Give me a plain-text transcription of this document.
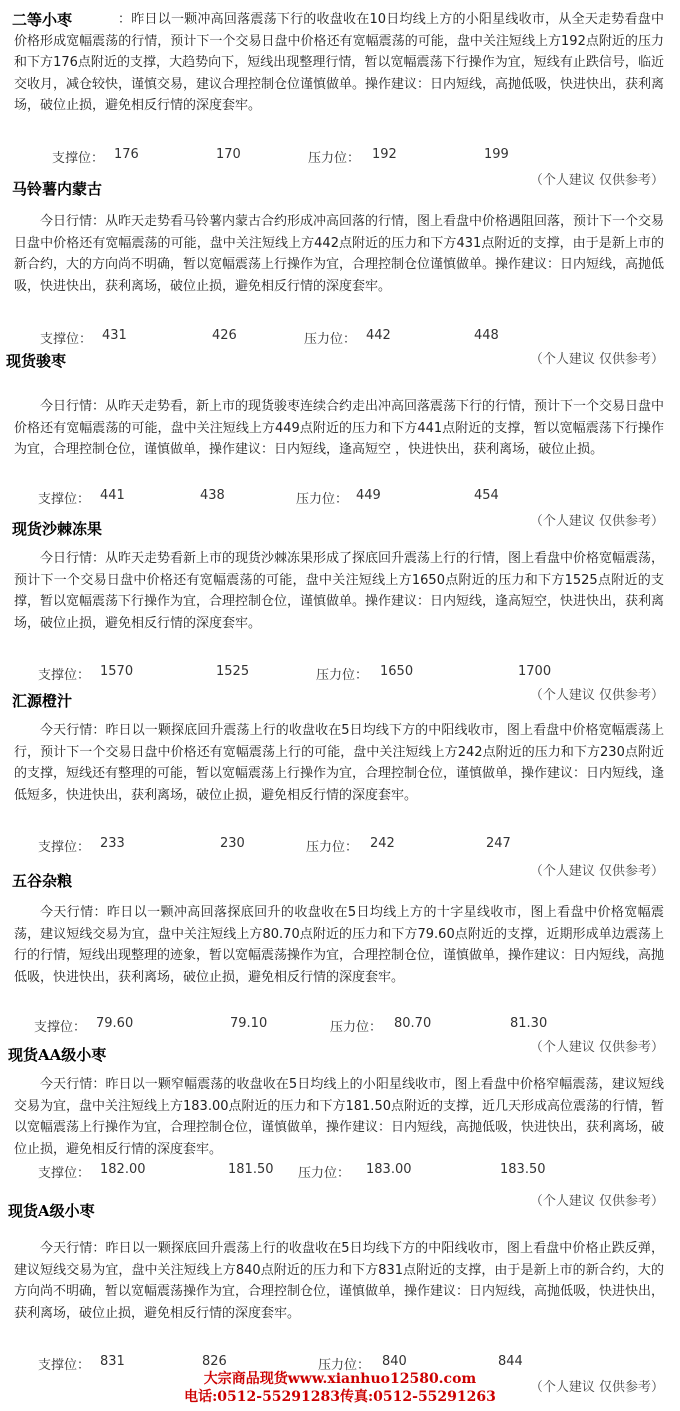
二等小枣	：昨日以一颗冲高回落震荡下行的收盘收在10日均线上方的小阳星线收市，从全天走势看盘中价格形成宽幅震荡的行情，预计下一个交易日盘中价格还有宽幅震荡的可能，盘中关注短线上方192点附近的压力和下方176点附近的支撑，大趋势向下，短线出现整理行情，暂以宽幅震荡下行操作为宜，短线有止跌信号，临近交收月，减仓较快，谨慎交易，建议合理控制仓位谨慎做单。操作建议：日内短线，高抛低吸，快进快出，获利离场，破位止损，避免相反行情的深度套牢。
支撑位： 176	170	压力位： 192	199
（个人建议 仅供参考）
马铃薯内蒙古
今日行情：从昨天走势看马铃薯内蒙古合约形成冲高回落的行情，图上看盘中价格遇阻回落，预计下一个交易日盘中价格还有宽幅震荡的可能，盘中关注短线上方442点附近的压力和下方431点附近的支撑，由于是新上市的新合约，大的方向尚不明确，暂以宽幅震荡上行操作为宜，合理控制仓位谨慎做单。操作建议：日内短线，高抛低吸，快进快出，获利离场，破位止损，避免相反行情的深度套牢。
支撑位： 431	426	压力位： 442	448
（个人建议 仅供参考）
现货骏枣
今日行情：从昨天走势看，新上市的现货骏枣连续合约走出冲高回落震荡下行的行情，预计下一个交易日盘中价格还有宽幅震荡的可能，盘中关注短线上方449点附近的压力和下方441点附近的支撑，暂以宽幅震荡下行操作为宜，合理控制仓位，谨慎做单，操作建议：日内短线，逢高短空 ，快进快出，获利离场，破位止损。
支撑位： 441	438	压力位： 449	454
（个人建议 仅供参考）
现货沙棘冻果
今日行情：从昨天走势看新上市的现货沙棘冻果形成了探底回升震荡上行的行情，图上看盘中价格宽幅震荡，预计下一个交易日盘中价格还有宽幅震荡的可能，盘中关注短线上方1650点附近的压力和下方1525点附近的支撑，暂以宽幅震荡下行操作为宜，合理控制仓位，谨慎做单。操作建议：日内短线，逢高短空，快进快出，获利离场，破位止损，避免相反行情的深度套牢。
支撑位： 1570	1525	压力位： 1650	1700
（个人建议 仅供参考）
汇源橙汁
今天行情：昨日以一颗探底回升震荡上行的收盘收在5日均线下方的中阳线收市，图上看盘中价格宽幅震荡上行，预计下一个交易日盘中价格还有宽幅震荡上行的可能，盘中关注短线上方242点附近的压力和下方230点附近的支撑，短线还有整理的可能，暂以宽幅震荡上行操作为宜，合理控制仓位，谨慎做单，操作建议：日内短线，逢低短多，快进快出，获利离场，破位止损，避免相反行情的深度套牢。
支撑位： 233	230	压力位： 242	247
（个人建议 仅供参考）
五谷杂粮
今天行情：昨日以一颗冲高回落探底回升的收盘收在5日均线上方的十字星线收市，图上看盘中价格宽幅震荡，建议短线交易为宜，盘中关注短线上方80.70点附近的压力和下方79.60点附近的支撑，近期形成单边震荡上行的行情，短线出现整理的迹象，暂以宽幅震荡操作为宜，合理控制仓位，谨慎做单，操作建议：日内短线，高抛低吸，快进快出，获利离场，破位止损，避免相反行情的深度套牢。
支撑位： 79.60	79.10	压力位： 80.70	81.30
（个人建议 仅供参考）
现货AA级小枣
今天行情：昨日以一颗窄幅震荡的收盘收在5日均线上的小阳星线收市，图上看盘中价格窄幅震荡，建议短线交易为宜，盘中关注短线上方183.00点附近的压力和下方181.50点附近的支撑，近几天形成高位震荡的行情，暂以宽幅震荡上行操作为宜，合理控制仓位，谨慎做单，操作建议：日内短线，高抛低吸，快进快出，获利离场，破位止损，避免相反行情的深度套牢。
支撑位： 182.00	181.50 压力位： 183.00	183.50
（个人建议 仅供参考）
现货A级小枣
今天行情：昨日以一颗探底回升震荡上行的收盘收在5日均线下方的中阳线收市，图上看盘中价格止跌反弹，建议短线交易为宜，盘中关注短线上方840点附近的压力和下方831点附近的支撑，由于是新上市的新合约，大的方向尚不明确，暂以宽幅震荡操作为宜，合理控制仓位，谨慎做单，操作建议：日内短线，高抛低吸，快进快出，获利离场，破位止损，避免相反行情的深度套牢。
支撑位： 831	826	压力位： 840	844
（个人建议 仅供参考）
大宗商品现货www.xianhuo12580.com
电话:0512-55291283传真:0512-55291263
